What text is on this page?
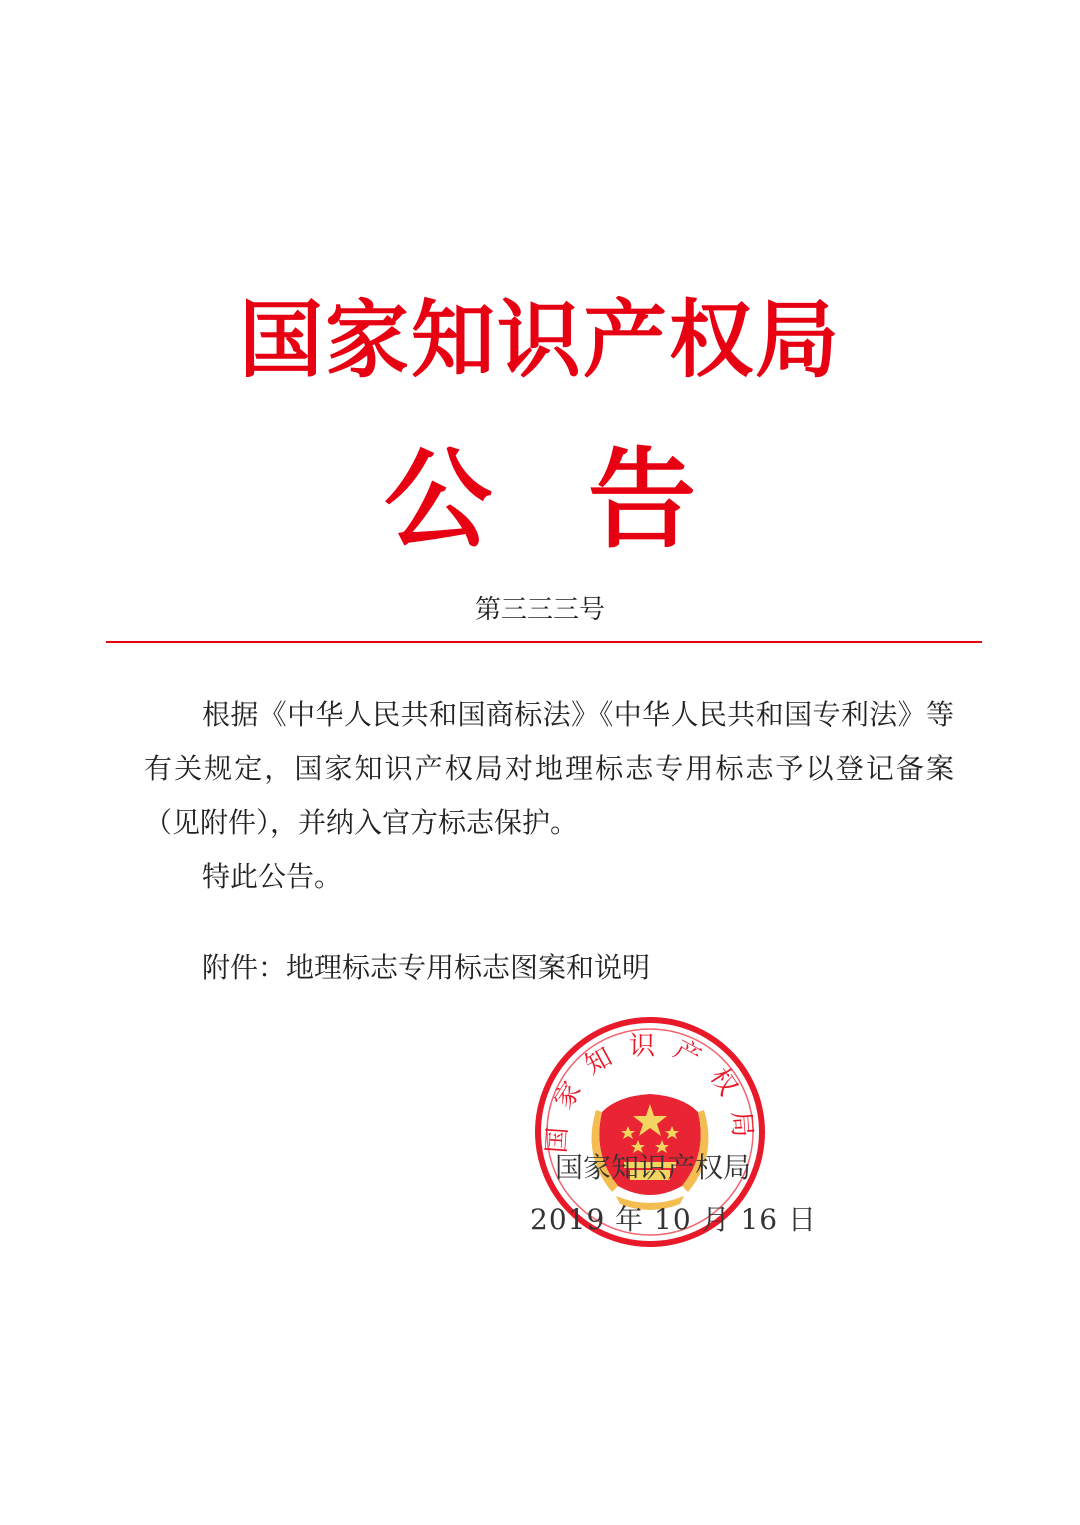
国家知识产权局
公 告
第三三三号

根据《中华人民共和国商标法》《中华人民共和国专利法》等有关规定，国家知识产权局对地理标志专用标志予以登记备案（见附件），并纳入官方标志保护。

特此公告。

附件：地理标志专用标志图案和说明
国家知识产权局
国家知识产权局
2019 年 10 月 16 日
